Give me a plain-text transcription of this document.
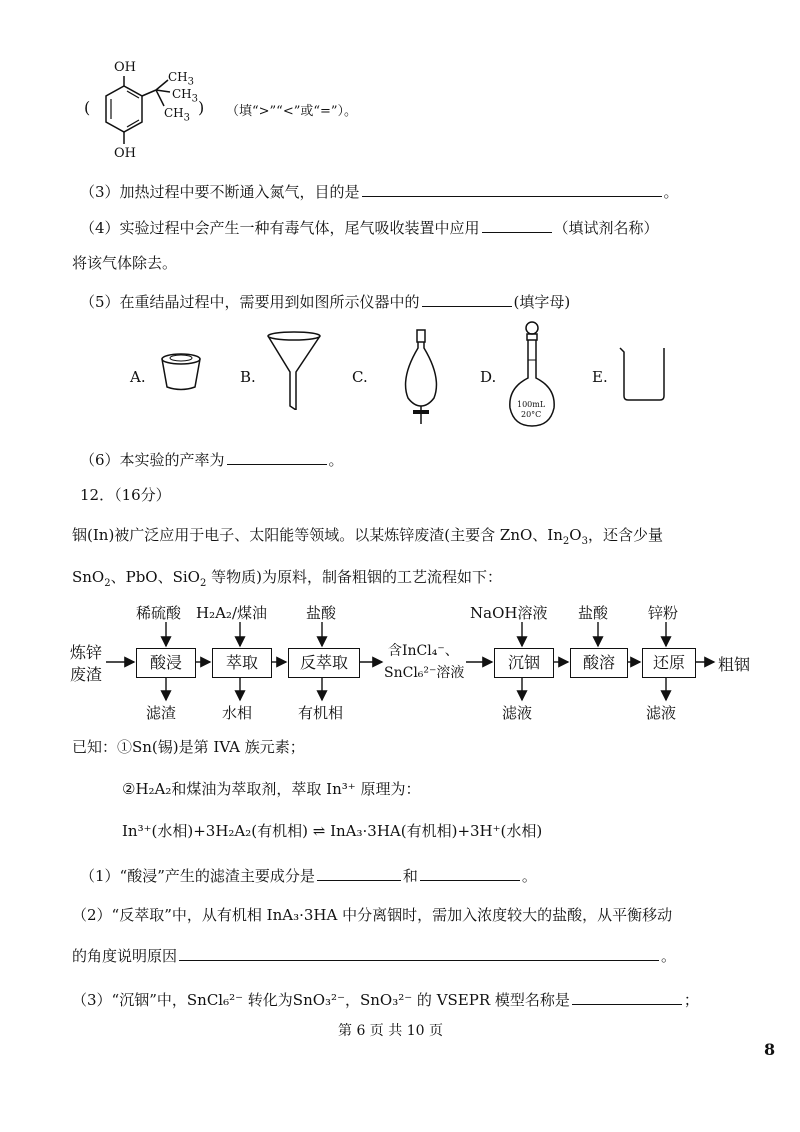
OH
OH
$CH_3$
$CH_3$
$CH_3$
(	) （填“>”“<”或“=”）。
（3）加热过程中要不断通入氮气，目的是	。
（4）实验过程中会产生一种有毒气体，尾气吸收装置中应用	（填试剂名称）
将该气体除去。
（5）在重结晶过程中，需要用到如图所示仪器中的	(填字母)
A.	B.	C.	D.
100mL
20°C
E.
（6）本实验的产率为	。
12．（16分）
铟(In)被广泛应用于电子、太阳能等领域。以某炼锌废渣(主要含 ZnO、$In_2O_3$，还含少量
SnO$_2$、PbO、SiO$_2$ 等物质)为原料，制备粗铟的工艺流程如下：
炼锌
废渣
酸浸	萃取	反萃取	沉铟	酸溶	还原
稀硫酸 H₂A₂/煤油	盐酸	NaOH溶液 盐酸	锌粉
滤渣	水相	有机相	滤液	滤液
含InCl₄⁻、
SnCl₆²⁻溶液	粗铟
已知：①Sn(锡)是第 IVA 族元素；
②H₂A₂和煤油为萃取剂，萃取 In³⁺ 原理为：
In³⁺(水相)+3H₂A₂(有机相) ⇌ InA₃·3HA(有机相)+3H⁺(水相)
（1）“酸浸”产生的滤渣主要成分是	和	。
（2）“反萃取”中，从有机相 InA₃·3HA 中分离铟时，需加入浓度较大的盐酸，从平衡移动
的角度说明原因	。
（3）“沉铟”中，SnCl₆²⁻ 转化为SnO₃²⁻，SnO₃²⁻ 的 VSEPR 模型名称是	；
第 6 页 共 10 页
8
